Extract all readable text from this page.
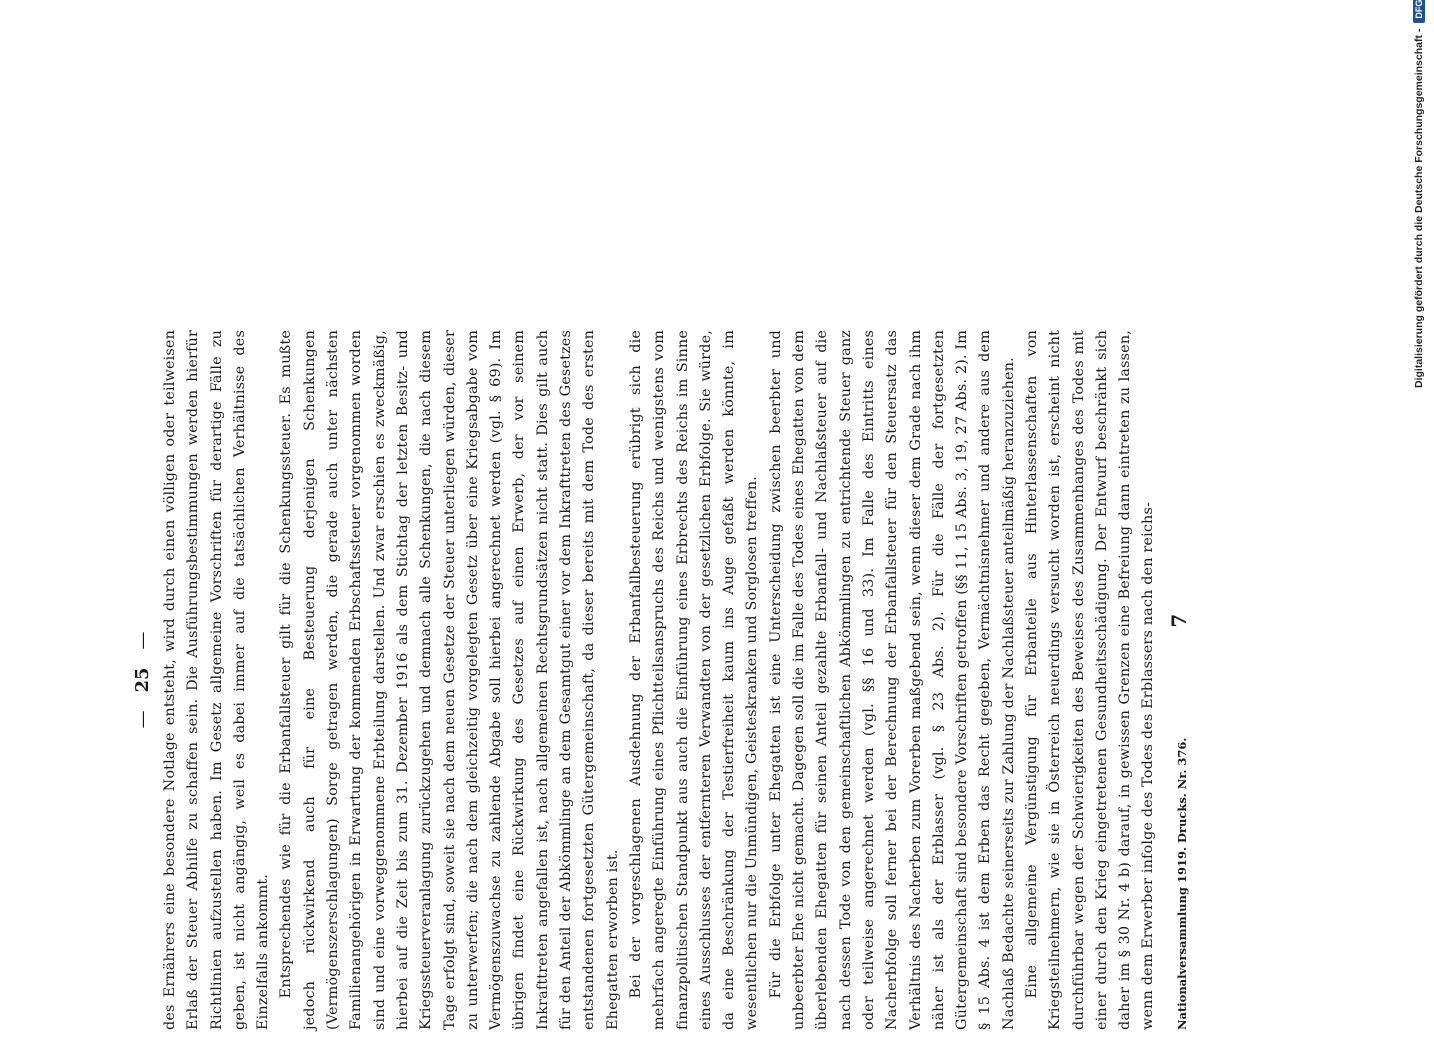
—
25
— des Ernährers eine besondere Notlage entsteht, wird durch einen völligen oder teilweisen Erlaß der Steuer Abhilfe zu schaffen sein. Die Ausführungsbestimmungen werden hierfür Richtlinien aufzustellen haben. Im Gesetz allgemeine Vorschriften für derartige Fälle zu geben, ist nicht angängig, weil es dabei immer auf die tatsächlichen Verhältnisse des Einzelfalls ankommt. Entsprechendes wie für die Erbanfallsteuer gilt für die Schenkungssteuer. Es mußte jedoch rückwirkend auch für eine Besteuerung derjenigen Schenkungen (Vermögenszerschlagungen) Sorge getragen werden, die gerade auch unter nächsten Familienangehörigen in Erwartung der kommenden Erbschaftssteuer vorgenommen worden sind und eine vorweggenommene Erbteilung darstellen. Und zwar erschien es zweckmäßig, hierbei auf die Zeit bis zum 31. Dezember 1916 als dem Stichtag der letzten Besitz- und Kriegssteuerveranlagung zurückzugehen und demnach alle Schenkungen, die nach diesem Tage erfolgt sind, soweit sie nach dem neuen Gesetze der Steuer unterliegen würden, dieser zu unterwerfen; die nach dem gleichzeitig vorgelegten Gesetz über eine Kriegsabgabe vom Vermögenszuwachse zu zahlende Abgabe soll hierbei angerechnet werden (vgl. § 69). Im übrigen findet eine Rückwirkung des Gesetzes auf einen Erwerb, der vor seinem Inkrafttreten angefallen ist, nach allgemeinen Rechtsgrundsätzen nicht statt. Dies gilt auch für den Anteil der Abkömmlinge an dem Gesamtgut einer vor dem Inkrafttreten des Gesetzes entstandenen fortgesetzten Gütergemeinschaft, da dieser bereits mit dem Tode des ersten Ehegatten erworben ist. Bei der vorgeschlagenen Ausdehnung der Erbanfallbesteuerung erübrigt sich die mehrfach angeregte Einführung eines Pflichtteilsanspruchs des Reichs und wenigstens vom finanzpolitischen Standpunkt aus auch die Einführung eines Erbrechts des Reichs im Sinne eines Ausschlusses der entfernteren Verwandten von der gesetzlichen Erbfolge. Sie würde, da eine Beschränkung der Testierfreiheit kaum ins Auge gefaßt werden könnte, im wesentlichen nur die Unmündigen, Geisteskranken und Sorglosen treffen. Für die Erbfolge unter Ehegatten ist eine Unterscheidung zwischen beerbter und unbeerbter Ehe nicht gemacht. Dagegen soll die im Falle des Todes eines Ehegatten von dem überlebenden Ehegatten für seinen Anteil gezahlte Erbanfall- und Nachlaßsteuer auf die nach dessen Tode von den gemeinschaftlichen Abkömmlingen zu entrichtende Steuer ganz oder teilweise angerechnet werden (vgl. §§ 16 und 33). Im Falle des Eintritts eines Nacherbfolge soll ferner bei der Berechnung der Erbanfallsteuer für den Steuersatz das Verhältnis des Nacherben zum Vorerben maßgebend sein, wenn dieser dem Grade nach ihm näher ist als der Erblasser (vgl. § 23 Abs. 2). Für die Fälle der fortgesetzten Gütergemeinschaft sind besondere Vorschriften getroffen (§§ 11, 15 Abs. 3, 19, 27 Abs. 2). Im § 15 Abs. 4 ist dem Erben das Recht gegeben, Vermächtnisnehmer und andere aus dem Nachlaß Bedachte seinerseits zur Zahlung der Nachlaßsteuer anteilmäßig heranzuziehen. Eine allgemeine Vergünstigung für Erbanteile aus Hinterlassenschaften von Kriegsteilnehmern, wie sie in Österreich neuerdings versucht worden ist, erscheint nicht durchführbar wegen der Schwierigkeiten des Beweises des Zusammenhanges des Todes mit einer durch den Krieg eingetretenen Gesundheitsschädigung. Der Entwurf beschränkt sich daher im § 30 Nr. 4 b) darauf, in gewissen Grenzen eine Befreiung dann eintreten zu lassen, wenn dem Erwerber infolge des Todes des Erblassers nach den reichs-	Nationalversammlung 1919. Drucks. Nr. 376.
7
Digitalisierung gefördert durch die Deutsche Forschungsgemeinschaft -
DFG
